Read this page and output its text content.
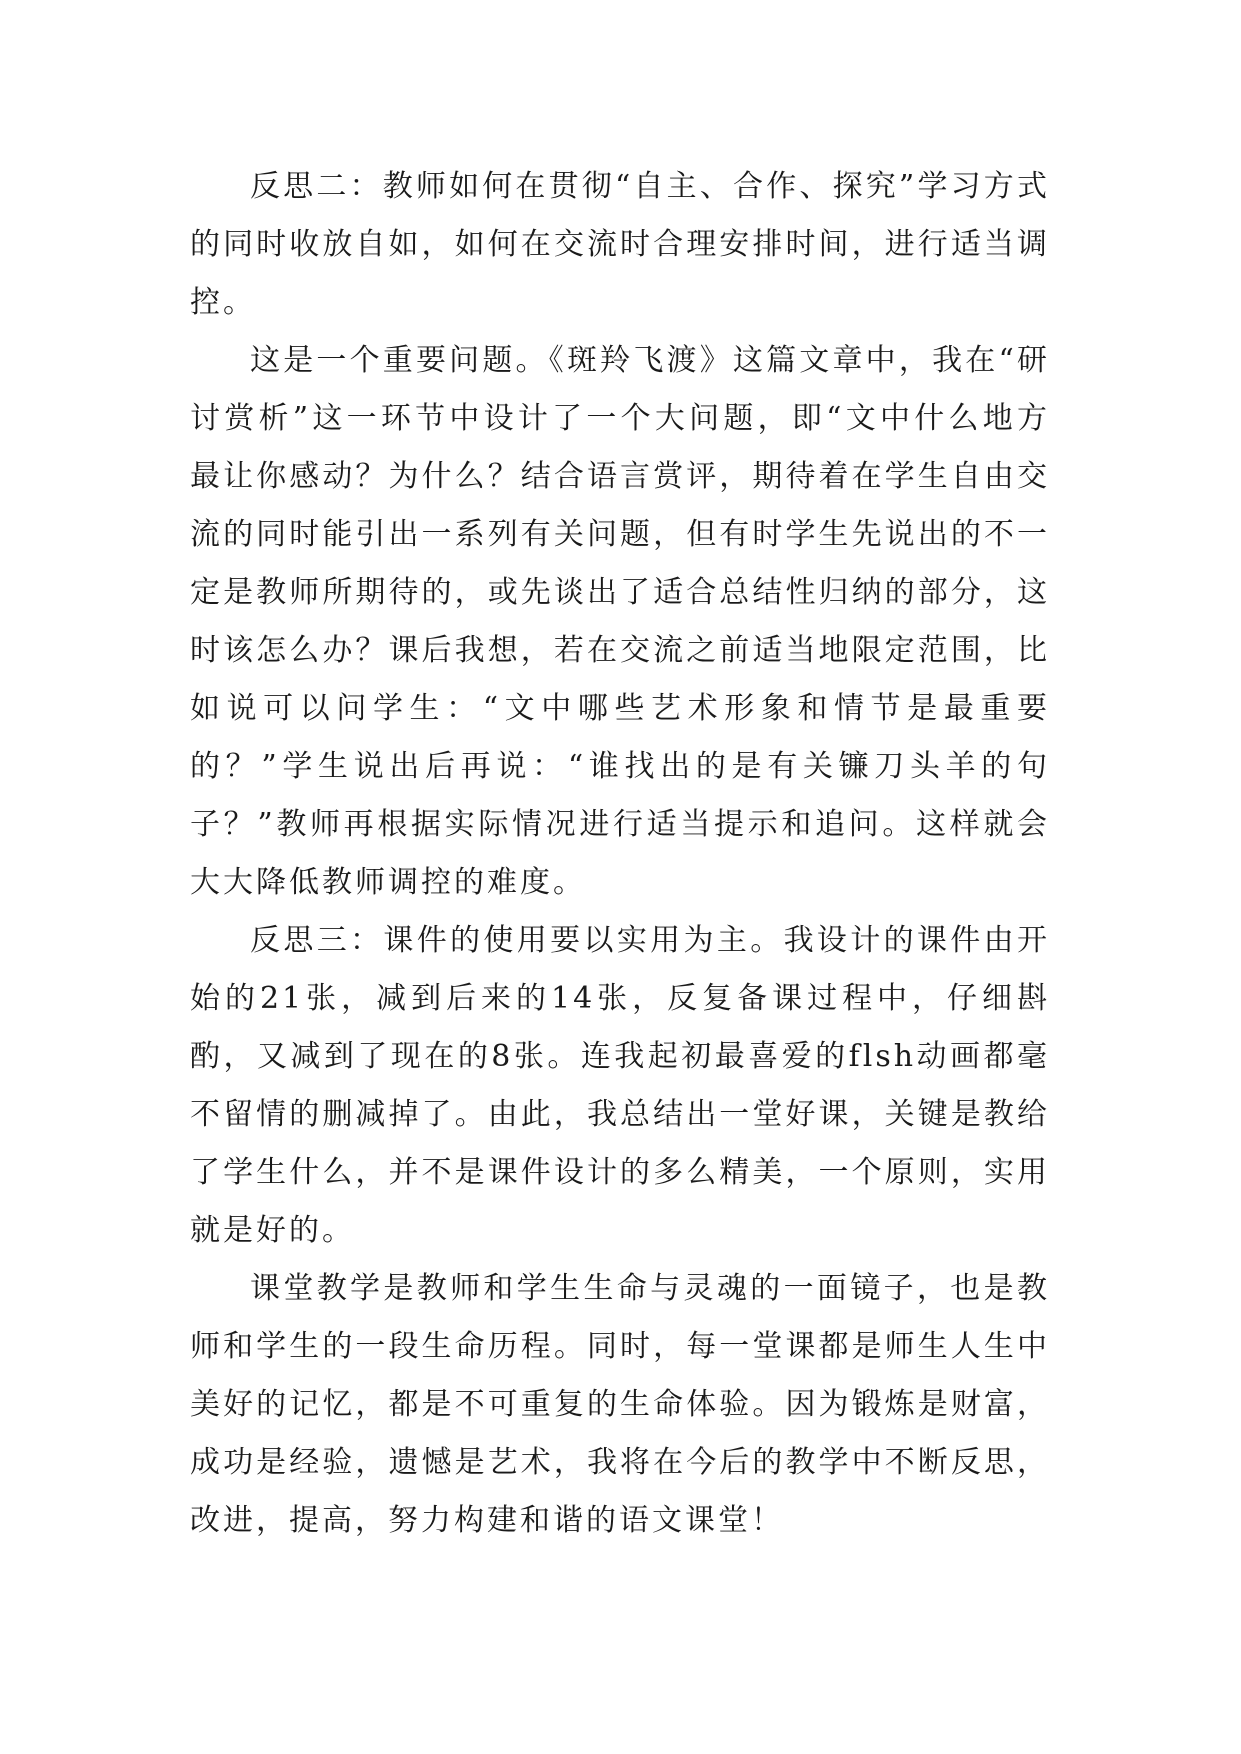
反思二：教师如何在贯彻“自主、合作、探究”学习方式的同时收放自如，如何在交流时合理安排时间，进行适当调控。

这是一个重要问题。《斑羚飞渡》这篇文章中，我在“研讨赏析”这一环节中设计了一个大问题，即“文中什么地方最让你感动？为什么？结合语言赏评，期待着在学生自由交流的同时能引出一系列有关问题，但有时学生先说出的不一定是教师所期待的，或先谈出了适合总结性归纳的部分，这时该怎么办？课后我想，若在交流之前适当地限定范围，比如说可以问学生：“文中哪些艺术形象和情节是最重要的？”学生说出后再说：“谁找出的是有关镰刀头羊的句子？”教师再根据实际情况进行适当提示和追问。这样就会大大降低教师调控的难度。

反思三：课件的使用要以实用为主。我设计的课件由开始的21张，减到后来的14张，反复备课过程中，仔细斟酌，又减到了现在的8张。连我起初最喜爱的flsh动画都毫不留情的删减掉了。由此，我总结出一堂好课，关键是教给了学生什么，并不是课件设计的多么精美，一个原则，实用就是好的。

课堂教学是教师和学生生命与灵魂的一面镜子，也是教师和学生的一段生命历程。同时，每一堂课都是师生人生中美好的记忆，都是不可重复的生命体验。因为锻炼是财富，成功是经验，遗憾是艺术，我将在今后的教学中不断反思，改进，提高，努力构建和谐的语文课堂！
